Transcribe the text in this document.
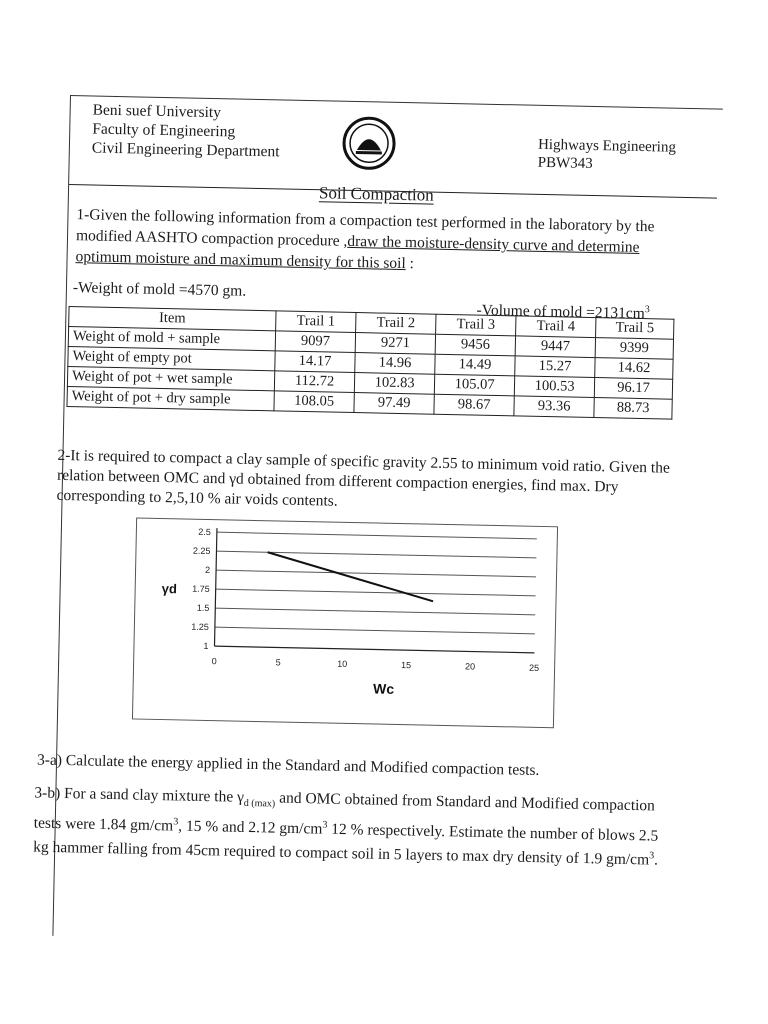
Beni suef University
Faculty of Engineering
Civil Engineering Department	Highways Engineering
PBW343
Soil Compaction
1-Given the following information from a compaction test performed in the laboratory by the modified AASHTO compaction procedure ,draw the moisture-density curve and determine optimum moisture and maximum density for this soil :
-Weight of mold =4570 gm.
-Volume of mold $=2131cm^3$
Item	Trail 1	Trail 2	Trail 3	Trail 4	Trail 5
Weight of mold + sample	9097	9271	9456	9447	9399
Weight of empty pot	14.17	14.96	14.49	15.27	14.62
Weight of pot + wet sample	112.72	102.83	105.07	100.53	96.17
Weight of pot + dry sample	108.05	97.49	98.67	93.36	88.73
2-It is required to compact a clay sample of specific gravity 2.55 to minimum void ratio. Given the relation between OMC and γd obtained from different compaction energies, find max. Dry corresponding to 2,5,10 % air voids contents.
1
1.25
1.5
1.75
2
2.25
2.5
0	5	10	15	20	25
γd
Wc
3-a) Calculate the energy applied in the Standard and Modified compaction tests.
3-b) For a sand clay mixture the $\gamma_{d (max)}$ and OMC obtained from Standard and Modified compaction tests were 1.84 $gm/cm^3$, 15 % and 2.12 $gm/cm^3$ 12 % respectively. Estimate the number of blows 2.5 kg hammer falling from 45cm required to compact soil in 5 layers to max dry density of 1.9 $gm/cm^3$.
